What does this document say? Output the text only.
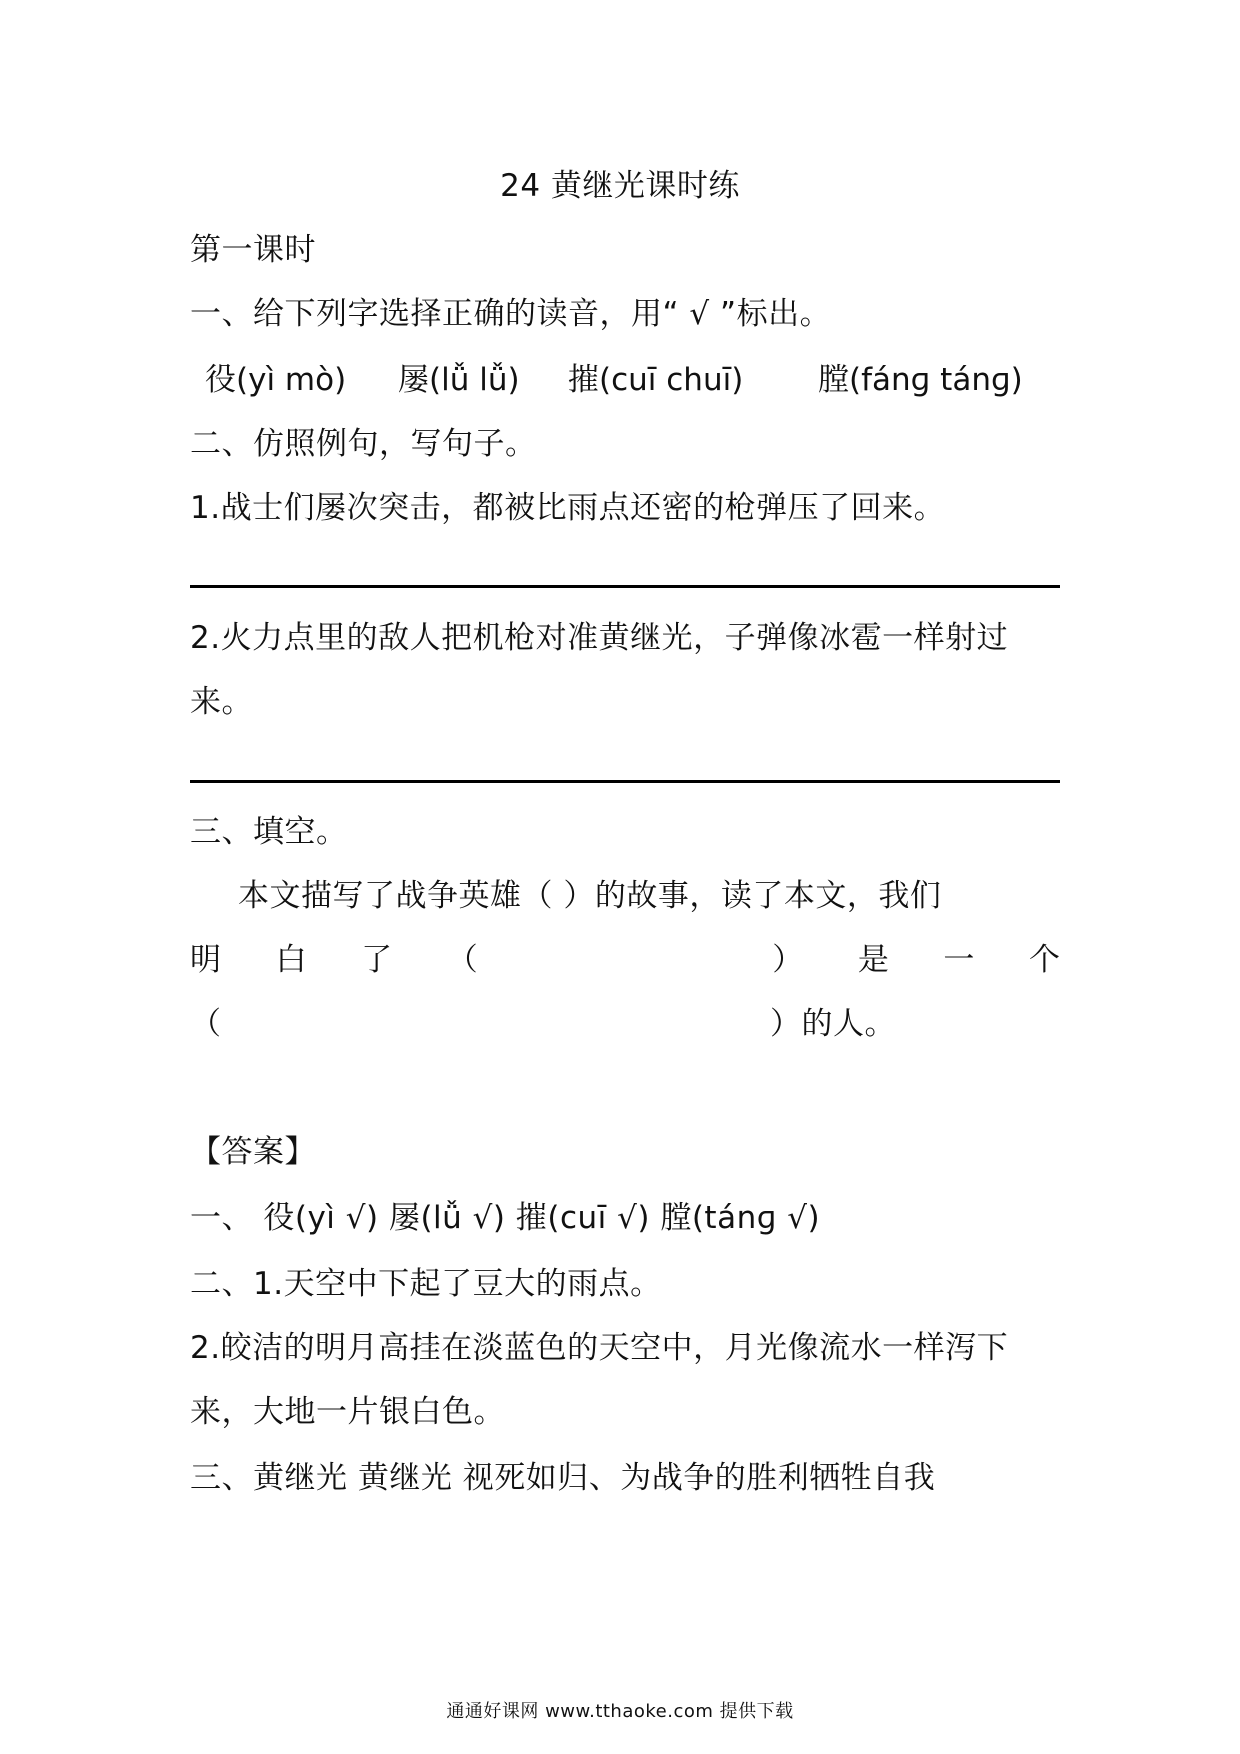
24 黄继光课时练
第一课时
一、给下列字选择正确的读音，用“ √ ”标出。
役(yì mò) 屡(lǚ lǚ) 摧(cuī chuī) 膛(fánɡ tánɡ)
二、仿照例句，写句子。
1.战士们屡次突击，都被比雨点还密的枪弹压了回来。
2.火力点里的敌人把机枪对准黄继光，子弹像冰雹一样射过
来。
三、填空。
本文描写了战争英雄（ ）的故事，读了本文，我们
明 白 了 （	） 是 一 个
（	）的人。
【答案】
一、 役(yì √) 屡(lǚ √) 摧(cuī √) 膛(tánɡ √)
二、1.天空中下起了豆大的雨点。
2.皎洁的明月高挂在淡蓝色的天空中，月光像流水一样泻下
来，大地一片银白色。
三、黄继光 黄继光 视死如归、为战争的胜利牺牲自我
通通好课网 www.tthaoke.com 提供下载
